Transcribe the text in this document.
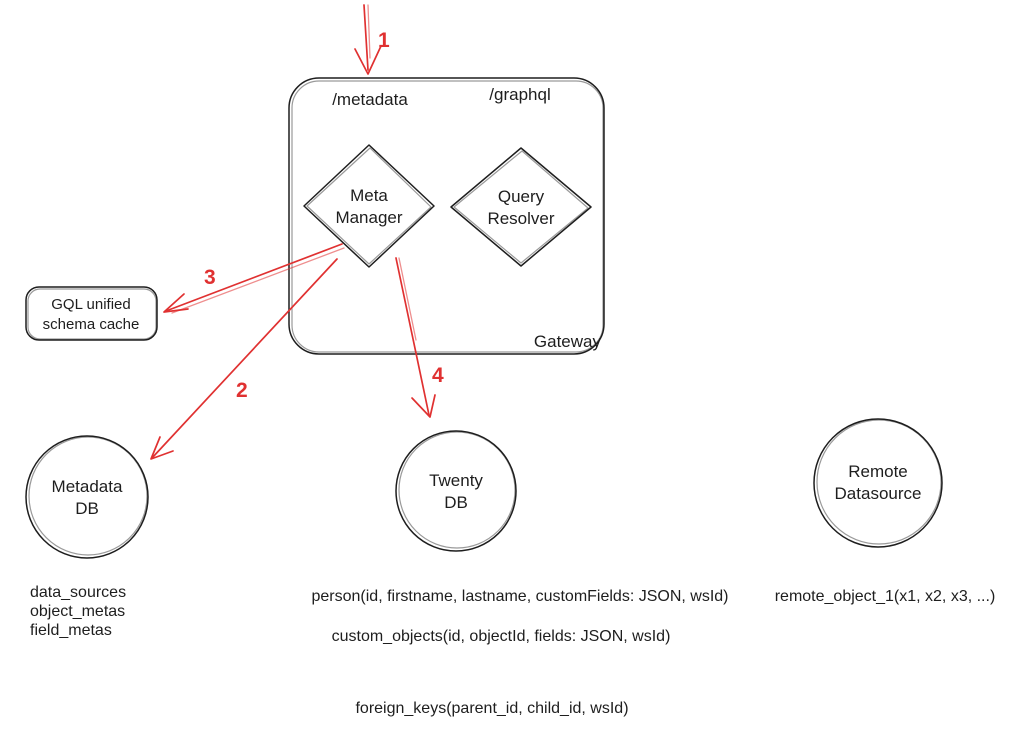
1
/metadata	/graphql
Meta
Manager
Query
Resolver
Gateway
3
2
4
GQL unified
schema cache
Metadata
DB
data_sources
object_metas
field_metas
Twenty
DB
person(id, firstname, lastname, customFields: JSON, wsId)
custom_objects(id, objectId, fields: JSON, wsId)
foreign_keys(parent_id, child_id, wsId)
Remote
Datasource
remote_object_1(x1, x2, x3, ...)
